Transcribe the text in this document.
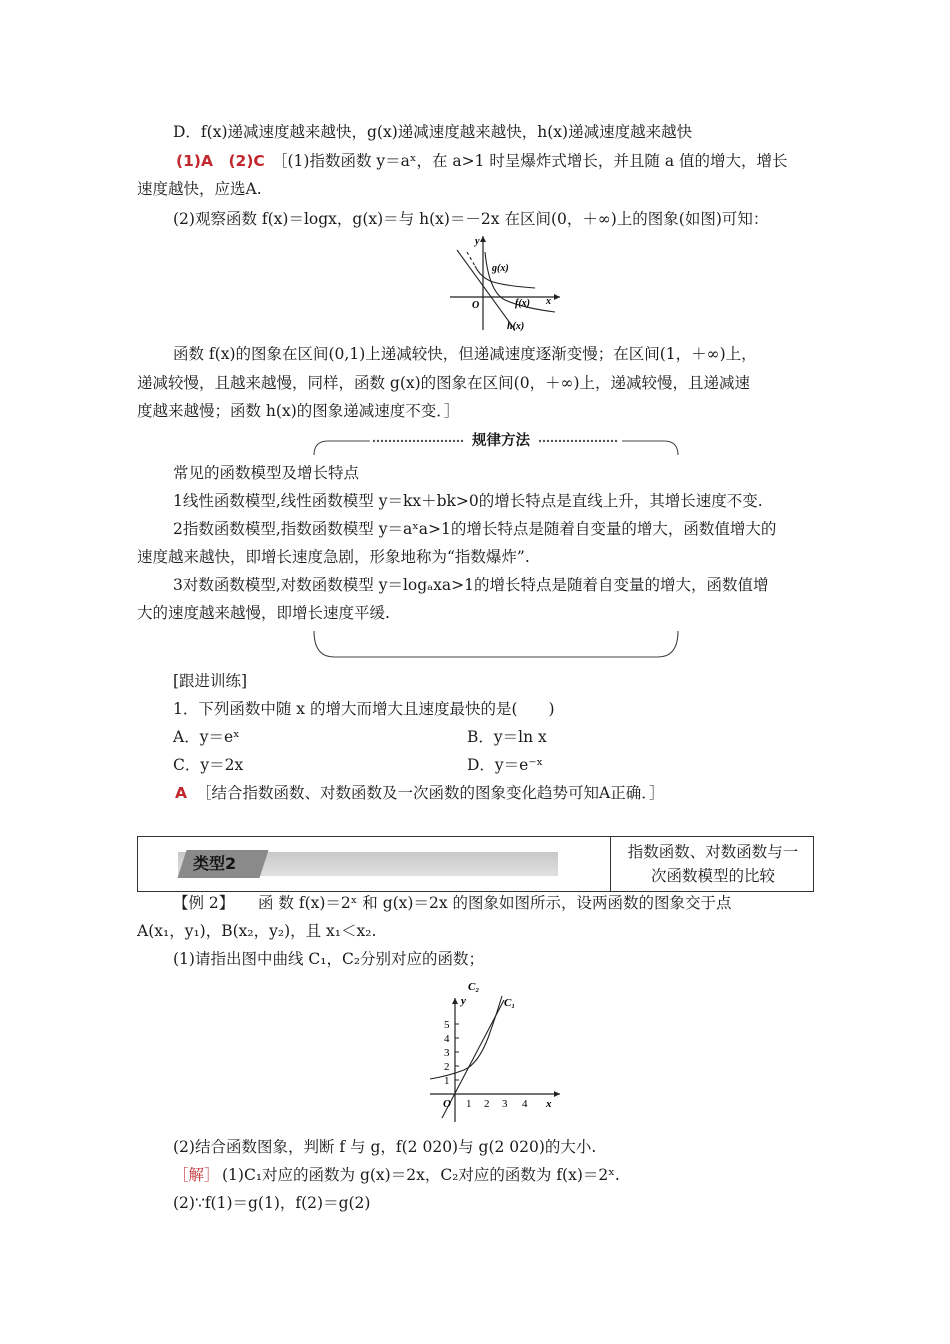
D．f(x)递减速度越来越快，g(x)递减速度越来越快，h(x)递减速度越来越快
(1)A　(2)C ［(1)指数函数 y＝aˣ，在 a>1 时呈爆炸式增长，并且随 a 值的增大，增长
速度越快，应选A.
(2)观察函数 f(x)＝logx，g(x)＝与 h(x)＝－2x 在区间(0，＋∞)上的图象(如图)可知：
y
g(x)
O	f(x) x
h(x)
函数 f(x)的图象在区间(0,1)上递减较快，但递减速度逐渐变慢；在区间(1，＋∞)上，
递减较慢，且越来越慢，同样，函数 g(x)的图象在区间(0，＋∞)上，递减较慢，且递减速
度越来越慢；函数 h(x)的图象递减速度不变．］
规律方法
常见的函数模型及增长特点
1线性函数模型,线性函数模型 y＝kx＋bk>0的增长特点是直线上升，其增长速度不变.
2指数函数模型,指数函数模型 y＝aˣa>1的增长特点是随着自变量的增大，函数值增大的
速度越来越快，即增长速度急剧，形象地称为“指数爆炸”.
3对数函数模型,对数函数模型 y＝logₐxa>1的增长特点是随着自变量的增大，函数值增
大的速度越来越慢，即增长速度平缓.
[跟进训练]
1．下列函数中随 x 的增大而增大且速度最快的是(　　)
A．y＝eˣ	B．y＝ln x
C．y＝2x	D．y＝e⁻ˣ
A ［结合指数函数、对数函数及一次函数的图象变化趋势可知A正确．］
类型2
指数函数、对数函数与一
次函数模型的比较
【例 2】 函 数 f(x)＝2ˣ 和 g(x)＝2x 的图象如图所示，设两函数的图象交于点
A(x₁，y₁)，B(x₂，y₂)，且 x₁＜x₂.
(1)请指出图中曲线 C₁，C₂分别对应的函数；
C₂
C₁
y
5
4
3
2
1
O 1 2 3 4 x
(2)结合函数图象，判断 f 与 g，f(2 020)与 g(2 020)的大小.
［解］ (1)C₁对应的函数为 g(x)＝2x，C₂对应的函数为 f(x)＝2ˣ.
(2)∵f(1)＝g(1)，f(2)＝g(2)
